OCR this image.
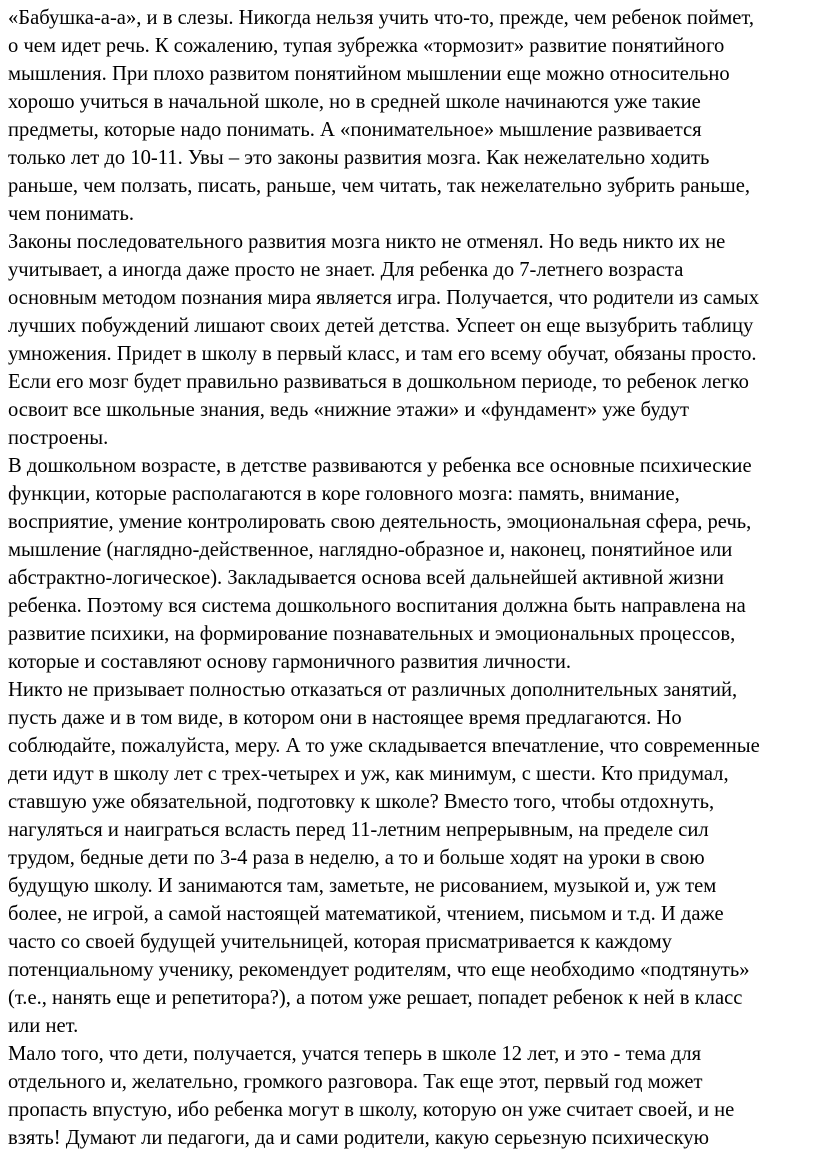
«Бабушка-а-а», и в слезы. Никогда нельзя учить что-то, прежде, чем ребенок поймет,
о чем идет речь. К сожалению, тупая зубрежка «тормозит» развитие понятийного
мышления. При плохо развитом понятийном мышлении еще можно относительно
хорошо учиться в начальной школе, но в средней школе начинаются уже такие
предметы, которые надо понимать. А «понимательное» мышление развивается
только лет до 10-11. Увы – это законы развития мозга. Как нежелательно ходить
раньше, чем ползать, писать, раньше, чем читать, так нежелательно зубрить раньше,
чем понимать.
Законы последовательного развития мозга никто не отменял. Но ведь никто их не
учитывает, а иногда даже просто не знает. Для ребенка до 7-летнего возраста
основным методом познания мира является игра. Получается, что родители из самых
лучших побуждений лишают своих детей детства. Успеет он еще вызубрить таблицу
умножения. Придет в школу в первый класс, и там его всему обучат, обязаны просто.
Если его мозг будет правильно развиваться в дошкольном периоде, то ребенок легко
освоит все школьные знания, ведь «нижние этажи» и «фундамент» уже будут
построены.
В дошкольном возрасте, в детстве развиваются у ребенка все основные психические
функции, которые располагаются в коре головного мозга: память, внимание,
восприятие, умение контролировать свою деятельность, эмоциональная сфера, речь,
мышление (наглядно-действенное, наглядно-образное и, наконец, понятийное или
абстрактно-логическое). Закладывается основа всей дальнейшей активной жизни
ребенка. Поэтому вся система дошкольного воспитания должна быть направлена на
развитие психики, на формирование познавательных и эмоциональных процессов,
которые и составляют основу гармоничного развития личности.
Никто не призывает полностью отказаться от различных дополнительных занятий,
пусть даже и в том виде, в котором они в настоящее время предлагаются. Но
соблюдайте, пожалуйста, меру. А то уже складывается впечатление, что современные
дети идут в школу лет с трех-четырех и уж, как минимум, с шести. Кто придумал,
ставшую уже обязательной, подготовку к школе? Вместо того, чтобы отдохнуть,
нагуляться и наиграться всласть перед 11-летним непрерывным, на пределе сил
трудом, бедные дети по 3-4 раза в неделю, а то и больше ходят на уроки в свою
будущую школу. И занимаются там, заметьте, не рисованием, музыкой и, уж тем
более, не игрой, а самой настоящей математикой, чтением, письмом и т.д. И даже
часто со своей будущей учительницей, которая присматривается к каждому
потенциальному ученику, рекомендует родителям, что еще необходимо «подтянуть»
(т.е., нанять еще и репетитора?), а потом уже решает, попадет ребенок к ней в класс
или нет.
Мало того, что дети, получается, учатся теперь в школе 12 лет, и это - тема для
отдельного и, желательно, громкого разговора. Так еще этот, первый год может
пропасть впустую, ибо ребенка могут в школу, которую он уже считает своей, и не
взять! Думают ли педагоги, да и сами родители, какую серьезную психическую
